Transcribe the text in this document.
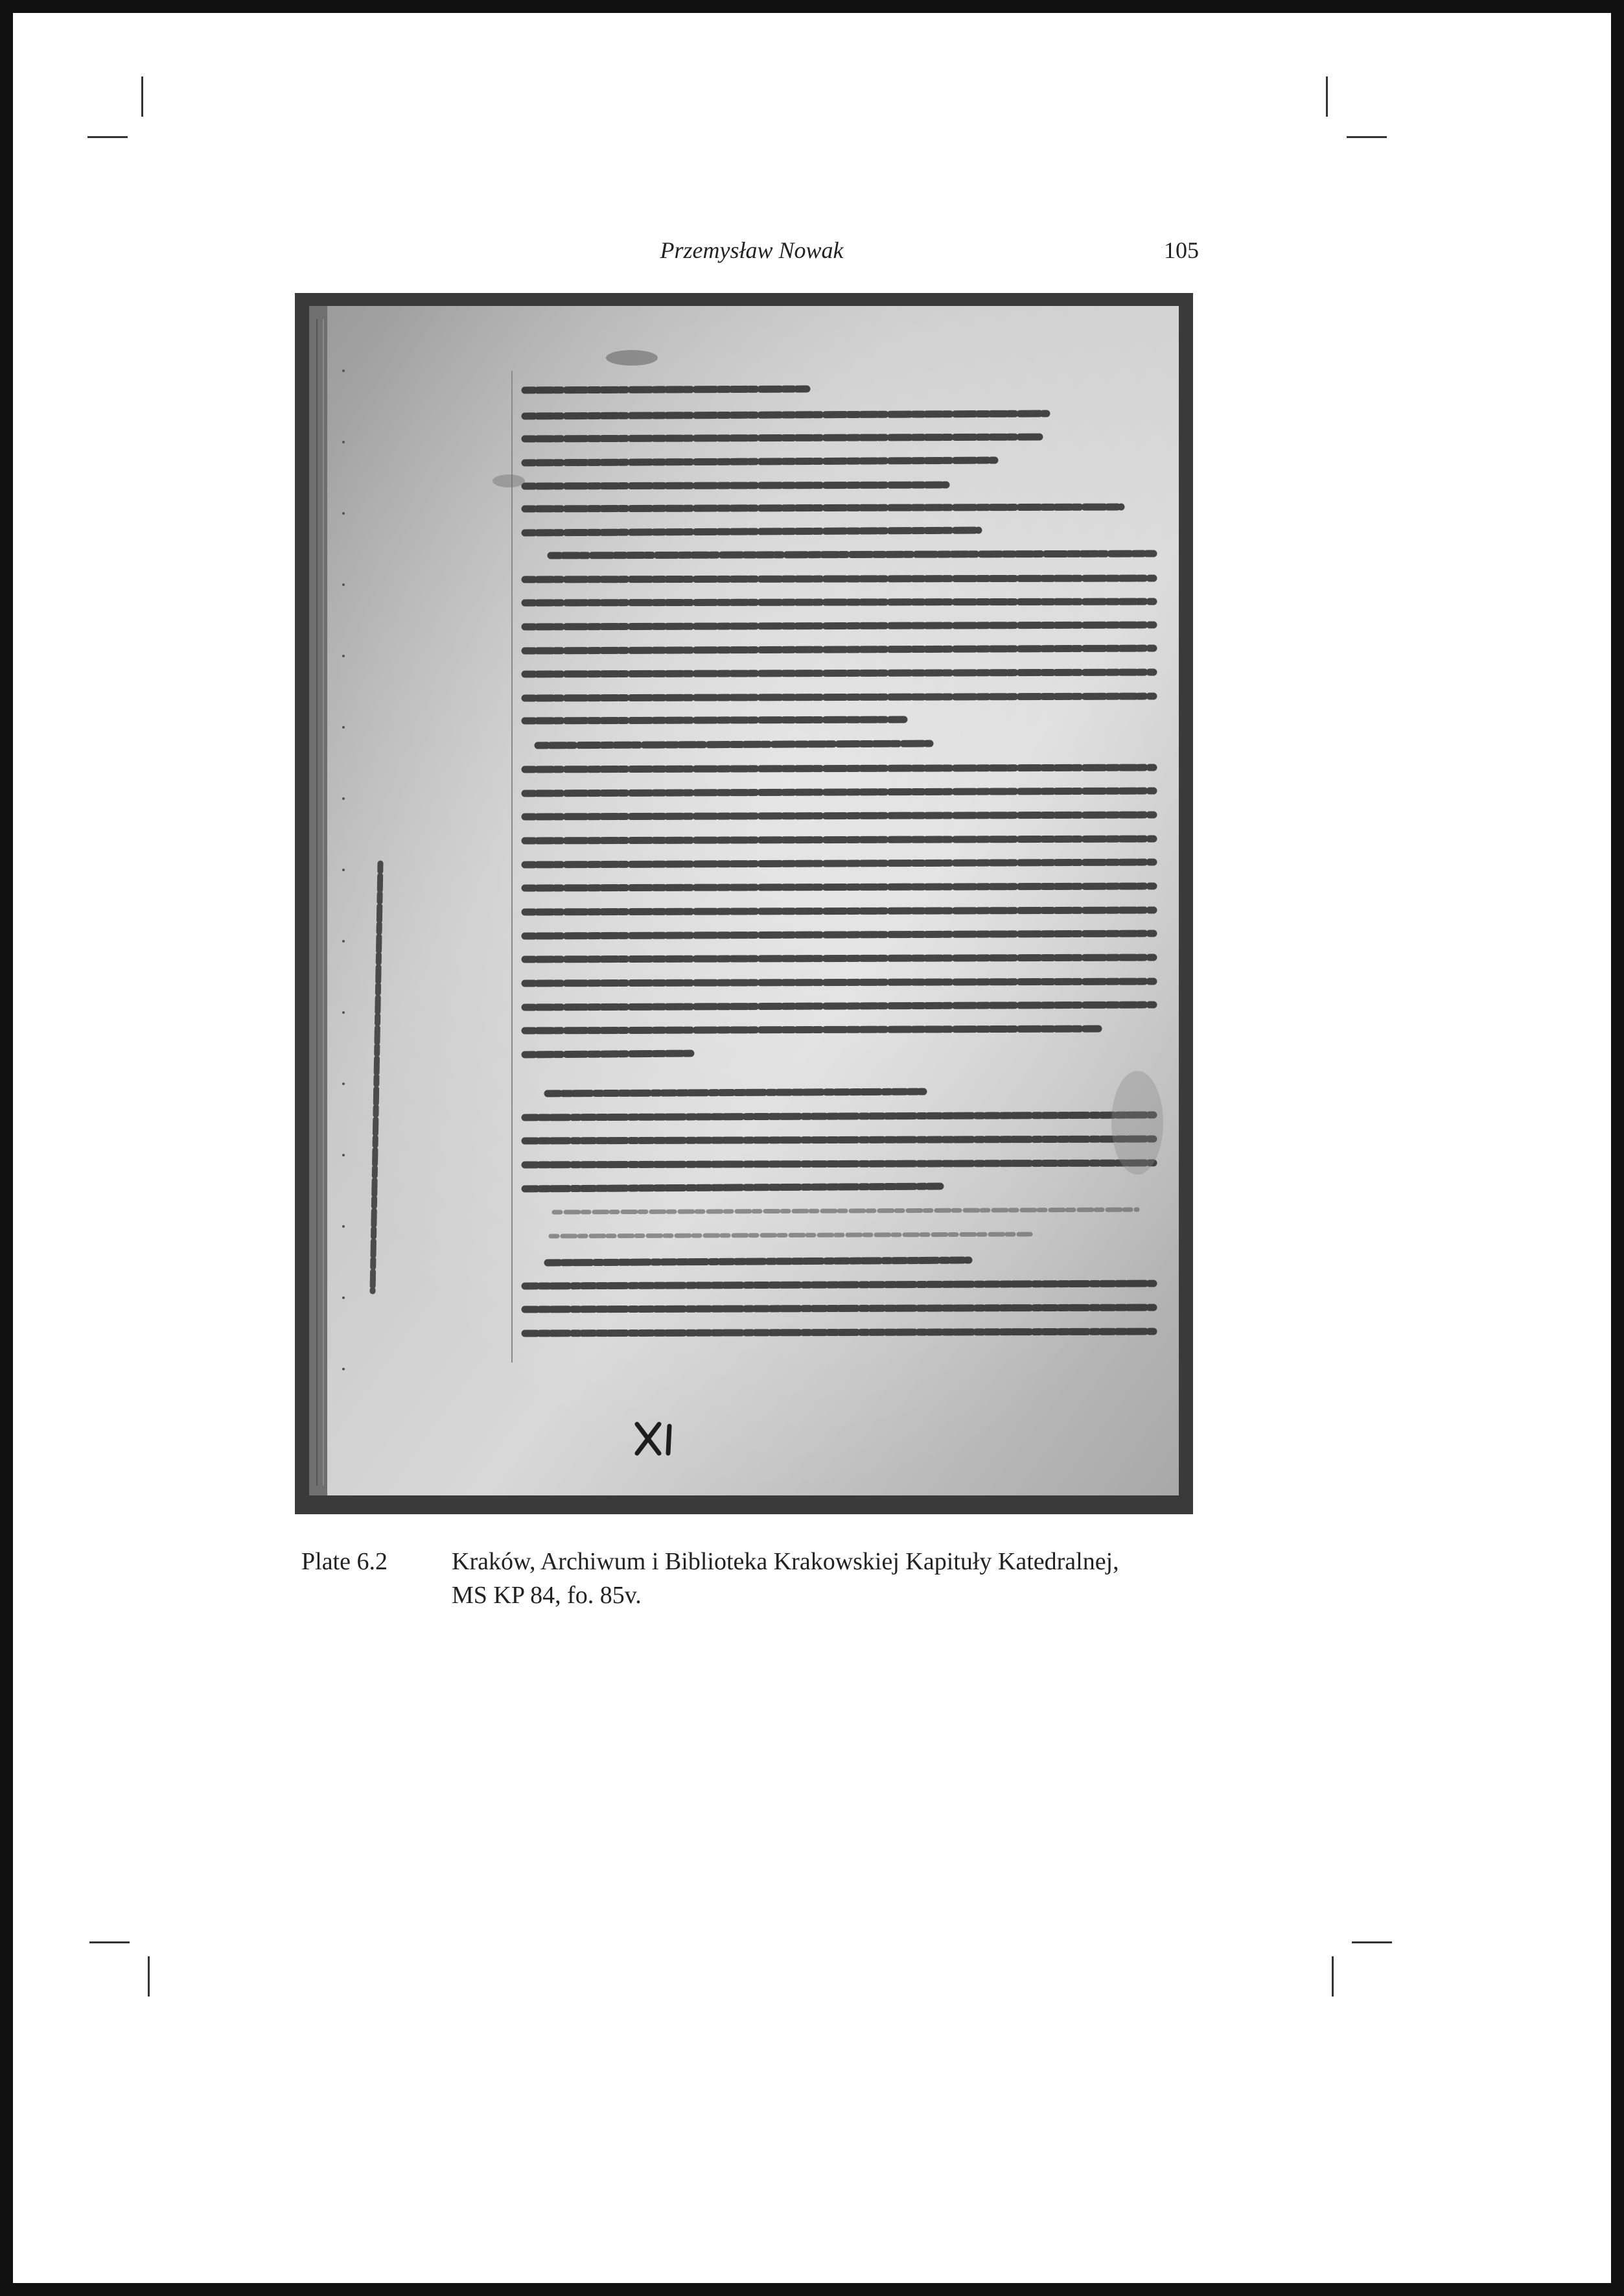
Przemysław Nowak	105
Plate 6.2	Kraków, Archiwum i Biblioteka Krakowskiej Kapituły Katedralnej,
MS KP 84, fo. 85v.
